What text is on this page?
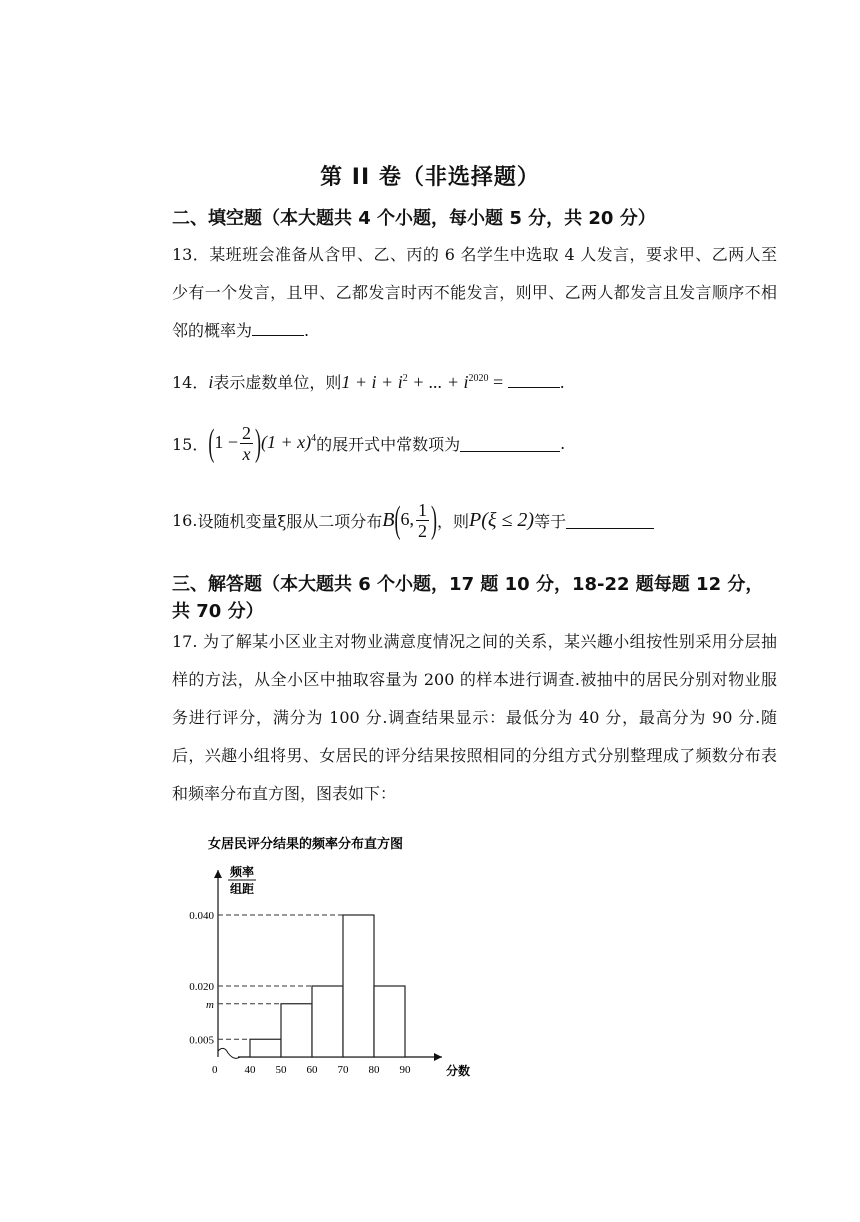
第 II 卷（非选择题）
二、填空题（本大题共 4 个小题，每小题 5 分，共 20 分）

13．某班班会准备从含甲、乙、丙的 6 名学生中选取 4 人发言，要求甲、乙两人至少有一个发言，且甲、乙都发言时丙不能发言，则甲、乙两人都发言且发言顺序不相邻的概率为	.

14．i表示虚数单位，则$1 + i + i^2$ + ... + $i^{2020}$ =	.
15．$(1 - \frac{2}{x} )(1 + x)^4$的展开式中常数项为	.
16.设随机变量ξ服从二项分布B(6, $\frac{1}{2}$ )，则P(ξ ≤ 2)等于
三、解答题（本大题共 6 个小题，17 题 10 分，18-22 题每题 12 分，共 70 分）

17. 为了解某小区业主对物业满意度情况之间的关系，某兴趣小组按性别采用分层抽样的方法，从全小区中抽取容量为 200 的样本进行调查.被抽中的居民分别对物业服务进行评分，满分为 100 分.调查结果显示：最低分为 40 分，最高分为 90 分.随后，兴趣小组将男、女居民的评分结果按照相同的分组方式分别整理成了频数分布表和频率分布直方图，图表如下：

女居民评分结果的频率分布直方图
频率
组距
0.005
m
0.020
0.040
0 40 50 60 70 80 90	分数
